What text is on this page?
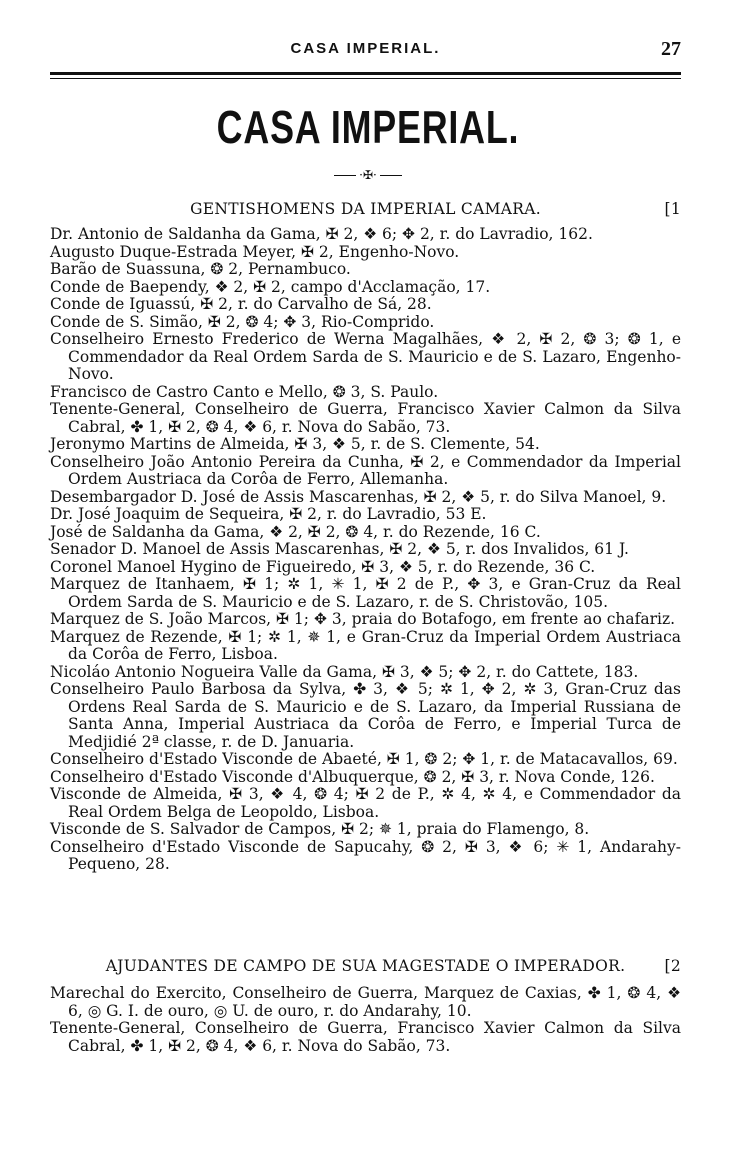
CASA IMPERIAL.	27
CASA IMPERIAL.
·✠·
GENTISHOMENS DA IMPERIAL CAMARA.	[1

Dr. Antonio de Saldanha da Gama, ✠ 2, ❖ 6; ✥ 2, r. do Lavradio, 162.

Augusto Duque-Estrada Meyer, ✠ 2, Engenho-Novo.

Barão de Suassuna, ❂ 2, Pernambuco.

Conde de Baependy, ❖ 2, ✠ 2, campo d'Acclamação, 17.

Conde de Iguassú, ✠ 2, r. do Carvalho de Sá, 28.

Conde de S. Simão, ✠ 2, ❂ 4; ✥ 3, Rio-Comprido.

Conselheiro Ernesto Frederico de Werna Magalhães, ❖ 2, ✠ 2, ❂ 3; ❂ 1, e Commendador da Real Ordem Sarda de S. Mauricio e de S. Lazaro, Engenho-Novo.

Francisco de Castro Canto e Mello, ❂ 3, S. Paulo.

Tenente-General, Conselheiro de Guerra, Francisco Xavier Calmon da Silva Cabral, ✤ 1, ✠ 2, ❂ 4, ❖ 6, r. Nova do Sabão, 73.

Jeronymo Martins de Almeida, ✠ 3, ❖ 5, r. de S. Clemente, 54.

Conselheiro João Antonio Pereira da Cunha, ✠ 2, e Commendador da Imperial Ordem Austriaca da Corôa de Ferro, Allemanha.

Desembargador D. José de Assis Mascarenhas, ✠ 2, ❖ 5, r. do Silva Manoel, 9.

Dr. José Joaquim de Sequeira, ✠ 2, r. do Lavradio, 53 E.

José de Saldanha da Gama, ❖ 2, ✠ 2, ❂ 4, r. do Rezende, 16 C.

Senador D. Manoel de Assis Mascarenhas, ✠ 2, ❖ 5, r. dos Invalidos, 61 J.

Coronel Manoel Hygino de Figueiredo, ✠ 3, ❖ 5, r. do Rezende, 36 C.

Marquez de Itanhaem, ✠ 1; ✲ 1, ✳ 1, ✠ 2 de P., ✥ 3, e Gran-Cruz da Real Ordem Sarda de S. Mauricio e de S. Lazaro, r. de S. Christovão, 105.

Marquez de S. João Marcos, ✠ 1; ✥ 3, praia do Botafogo, em frente ao chafariz.

Marquez de Rezende, ✠ 1; ✲ 1, ✵ 1, e Gran-Cruz da Imperial Ordem Austriaca da Corôa de Ferro, Lisboa.

Nicoláo Antonio Nogueira Valle da Gama, ✠ 3, ❖ 5; ✥ 2, r. do Cattete, 183.

Conselheiro Paulo Barbosa da Sylva, ✤ 3, ❖ 5; ✲ 1, ✥ 2, ✲ 3, Gran-Cruz das Ordens Real Sarda de S. Mauricio e de S. Lazaro, da Imperial Russiana de Santa Anna, Imperial Austriaca da Corôa de Ferro, e Imperial Turca de Medjidié 2ª classe, r. de D. Januaria.

Conselheiro d'Estado Visconde de Abaeté, ✠ 1, ❂ 2; ✥ 1, r. de Matacavallos, 69.

Conselheiro d'Estado Visconde d'Albuquerque, ❂ 2, ✠ 3, r. Nova Conde, 126.

Visconde de Almeida, ✠ 3, ❖ 4, ❂ 4; ✠ 2 de P., ✲ 4, ✲ 4, e Commendador da Real Ordem Belga de Leopoldo, Lisboa.

Visconde de S. Salvador de Campos, ✠ 2; ✵ 1, praia do Flamengo, 8.

Conselheiro d'Estado Visconde de Sapucahy, ❂ 2, ✠ 3, ❖ 6; ✳ 1, Andarahy-Pequeno, 28.

AJUDANTES DE CAMPO DE SUA MAGESTADE O IMPERADOR.	[2

Marechal do Exercito, Conselheiro de Guerra, Marquez de Caxias, ✤ 1, ❂ 4, ❖ 6, ◎ G. I. de ouro, ◎ U. de ouro, r. do Andarahy, 10.

Tenente-General, Conselheiro de Guerra, Francisco Xavier Calmon da Silva Cabral, ✤ 1, ✠ 2, ❂ 4, ❖ 6, r. Nova do Sabão, 73.
